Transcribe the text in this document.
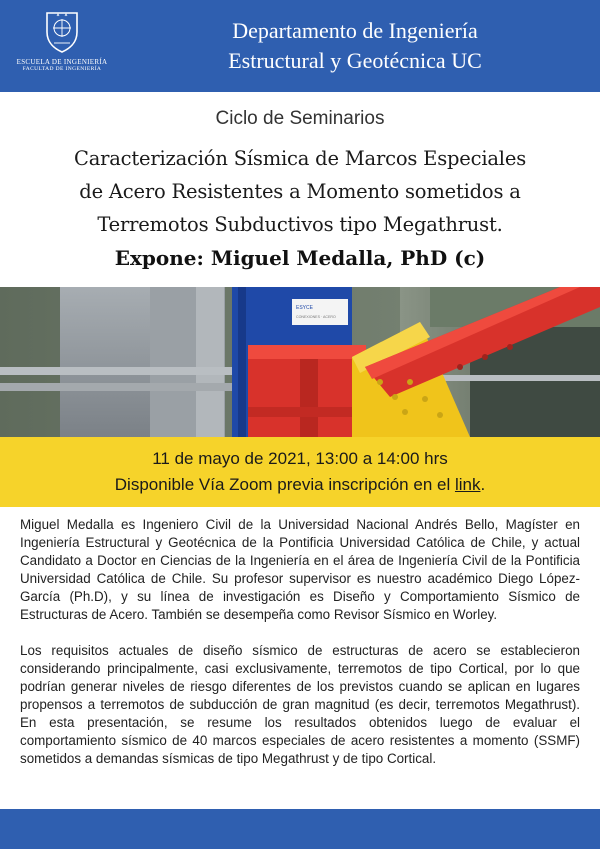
ESCUELA DE INGENIERÍA
FACULTAD DE INGENIERÍA
Departamento de Ingeniería
Estructural y Geotécnica UC
Ciclo de Seminarios
Caracterización Sísmica de Marcos Especiales
de Acero Resistentes a Momento sometidos a
Terremotos Subductivos tipo Megathrust.
Expone: Miguel Medalla, PhD (c)
ESYCE
CONEXIONES · ACERO
11 de mayo de 2021, 13:00 a 14:00 hrs
Disponible Vía Zoom previa inscripción en el link.

Miguel Medalla es Ingeniero Civil de la Universidad Nacional Andrés Bello, Magíster en Ingeniería Estructural y Geotécnica de la Pontificia Universidad Católica de Chile, y actual Candidato a Doctor en Ciencias de la Ingeniería en el área de Ingeniería Civil de la Pontificia Universidad Católica de Chile. Su profesor supervisor es nuestro académico Diego López-García (Ph.D), y su línea de investigación es Diseño y Comportamiento Sísmico de Estructuras de Acero. También se desempeña como Revisor Sísmico en Worley.

Los requisitos actuales de diseño sísmico de estructuras de acero se establecieron considerando principalmente, casi exclusivamente, terremotos de tipo Cortical, por lo que podrían generar niveles de riesgo diferentes de los previstos cuando se aplican en lugares propensos a terremotos de subducción de gran magnitud (es decir, terremotos Megathrust). En esta presentación, se resume los resultados obtenidos luego de evaluar el comportamiento sísmico de 40 marcos especiales de acero resistentes a momento (SSMF) sometidos a demandas sísmicas de tipo Megathrust y de tipo Cortical.
